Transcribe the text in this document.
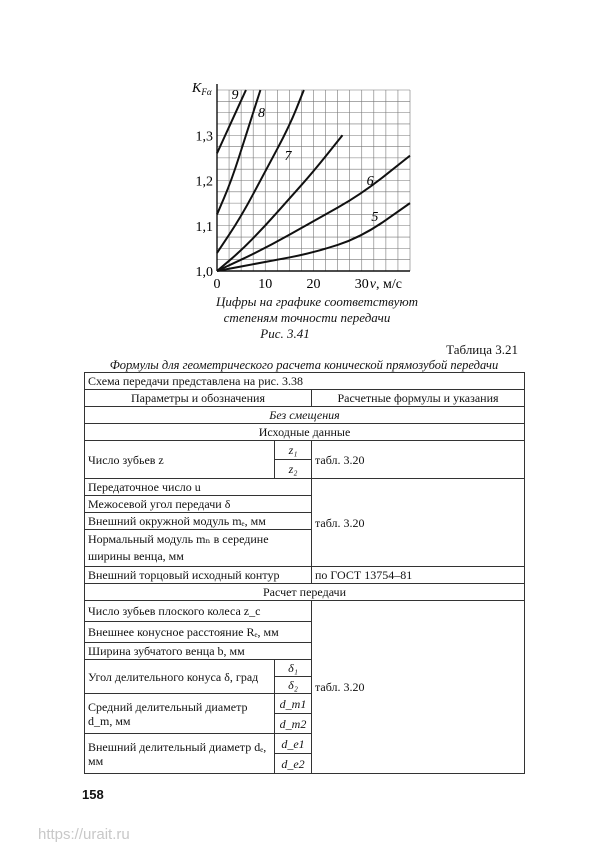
1,0
1,1
1,2
1,3
0	10 20 30
$K_{F\alpha}$
v, м/с
5
6
7
8
9
Цифры на графике соответствуют
степеням точности передачи
Рис. 3.41
Таблица 3.21
Формулы для геометрического расчета конической прямозубой передачи
Схема передачи представлена на рис. 3.38		
Параметры и обозначения		Расчетные формулы и указания
Без смещения		
Исходные данные		
Число зубьев z	z₁	табл. 3.20
	z₂	
Передаточное число u		табл. 3.20
Межосевой угол передачи δ		
Внешний окружной модуль mₑ, мм		
Нормальный модуль mₙ в середине ширины венца, мм		
Внешний торцовый исходный контур		по ГОСТ 13754–81
Расчет передачи		
Число зубьев плоского колеса z_c		табл. 3.20
Внешнее конусное расстояние Rₑ, мм		
Ширина зубчатого венца b, мм		
Угол делительного конуса δ, град	δ₁	
	δ₂	
Средний делительный диаметр d_m, мм	d_m1	
	d_m2	
Внешний делительный диаметр dₑ, мм	d_e1	
	d_e2	
158
https://urait.ru
